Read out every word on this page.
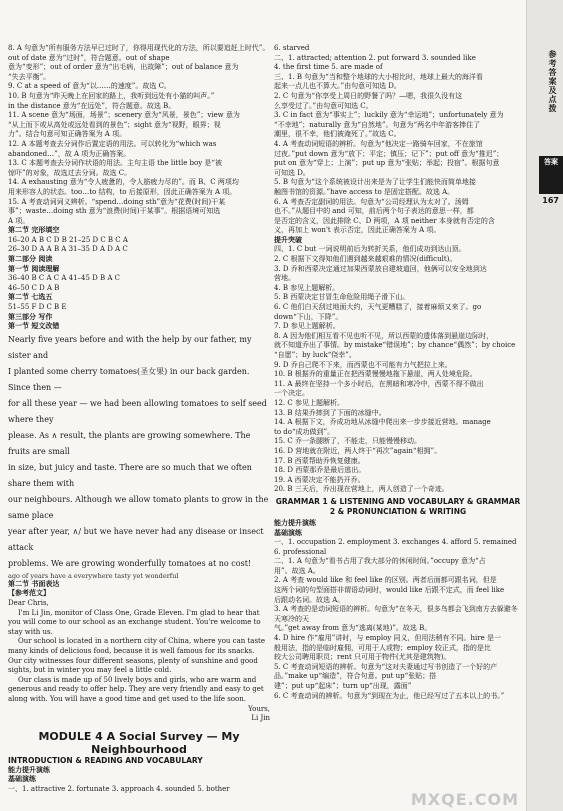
8. A 句意为“所有服务方法早已过时了，你得用现代化的方法，所以要追赶上时代”。out of date 意为“过时”，符合题意。out of shape

意为“变形”；out of order 意为“出毛病，出故障”；out of balance 意为

“失去平衡”。

9. C at a speed of 意为“以……的速度”。故选 C。

10. B 句意为“昨天晚上在回家的路上，我听到远处有小猫的叫声。”

in the distance 意为“在远处”，符合题意。故选 B。

11. A scene 意为“场面，场景”；scenery 意为“风景，景色”；view 意为

“从上而下或从高处或远处看到的景色”；sight 意为“视野，眼界；视

力”。结合句意可知正确答案为 A 项。

12. A 本题考查去分词作后置定语的用法。可以转化为“which was

abandoned…”，故 A 项为正确答案。

13. C 本题考查去分词作状语的用法。主句主语 the little boy 是“被

惊吓”的对象，故选过去分词。故选 C。

14. A exhausting 意为“令人疲惫的，令人筋疲力尽的”。而 B、C 两项均

用来形容人的状态。too…to 结构，to 后接原形，因此正确答案为 A 项。

15. A 考查动词词义辨析。“spend…doing sth”意为“花费(时间)干某

事”；waste…doing sth 意为“浪费(时间)干某事”。根据语境可知选

A 项。

第二节 完形填空

16–20 A B C D B 21–25 D C B C A

26–30 D A A B A 31–35 D A D A C

第二部分 阅读

第一节 阅读理解

36–40 B C A C A 41–45 D B A C

46–50 C D A B

第二节 七选五

51–55 F D C B E

第三部分 写作

第一节 短文改错

Nearly five years before and with the help by our father, my sister and

I planted some cherry tomatoes(圣女果) in our back garden. Since then —

for all these year — we had been allowing tomatoes to self seed where they

please. As ∧ result, the plants are growing somewhere. The fruits are small

in size, but juicy and taste. There are so much that we often share them with

our neighbours. Although we allow tomato plants to grow in the same place

year after year, ∧/ but we have never had any disease or insect attack

problems. We are growing wonderfully tomatoes at no cost!

ago of years have a everywhere tasty yet wonderful

第二节 书面表达

【参考范文】

Dear Chris,

I'm Li Jin, monitor of Class One, Grade Eleven. I'm glad to hear that you will come to our school as an exchange student. You're welcome to stay with us.

Our school is located in a northern city of China, where you can taste many kinds of delicious food, because it is well famous for its snacks. Our city witnesses four different seasons, plenty of sunshine and good sights, but in winter you may feel a little cold.

Our class is made up of 50 lively boys and girls, who are warm and generous and ready to offer help. They are very friendly and easy to get along with. You will have a good time and get used to the life soon.

Yours,
Li Jin
MODULE 4 A Social Survey — My Neighbourhood
INTRODUCTION & READING AND VOCABULARY
能力提升演练
基础演练
一、1. attractive 2. fortunate 3. approach 4. sounded 5. bother

6. starved

二、1. attracted; attention 2. put forward 3. sounded like

4. the first time 5. are made of

三、1. B 句意为“当和整个地球的大小相比时，地球上最大的海洋看

起来一点儿也不算大。”由句意可知选 D。

2. C 句意为“你享受上周日的野餐了吗？—嗯，我很久没有这

么享受过了。”由句意可知选 C。

3. C in fact 意为“事实上”；luckily 意为“幸运地”；unfortunately 意为

“不幸地”；naturally 意为“自然地”。句意为“两名中年游客捧住了

潮里，很不幸，他们被淹死了。”故选 C。

4. A 考查动词短语的辨析。句意为“他决定一路骑车回家，不在旅馆

过夜。”put down 意为“放下；平定；镇压；记下”；put off 意为“推迟”；

put on 意为“穿上；上演”；put up 意为“张贴；举起；投宿”。根据句意

可知选 D。

5. B 句意为“这个系统被设计出来是为了让学生们能快而简单地接

触图书馆的资源。”have access to 是固定搭配。故选 A。

6. A 考查否定副词的用法。句意为“公司经理认为太对了。汤姆

也不。”从题目中的 and 可知，前后两个句子表达的意思一样，都

是否定的含义，因此排除 C、D 两项，A 项 neither 本身就有否定的含

义，再加上 won't 表示否定，因此正确答案为 A 项。

提升突破

四、1. C but 一词说明前后为转折关系，他们成功到达山顶。

2. C 根据下文得知他们遇到越来越艰难的情况(difficult)。

3. D 乔和西蒙决定通过加果西蒙放自建坡道回，他俩可以安全地到达

营地。

4. B 参见上题解析。

5. B 西蒙决定甘冒生命危险用绳子滑下山。

6. C 他们白天刮过地面大约，天气更糟糕了，接着麻烦又来了。go

down“下山，下降”。

7. D 参见上题解析。

8. A 因为他们相互看不见也听不见，所以西蒙的遗体落到悬崖边际时，

就不知道乔出了事情。by mistake“错误地”；by chance“偶然”；by choice

“自愿”；by luck“侥幸”。

9. D 乔自己爬不下来，而西蒙也不可能有力气把拉上来。

10. B 根据乔的重量正在把西蒙慢慢地拖下悬崖，两人处境危险。

11. A 最终在坚持一个多小时后，在黑暗和寒冷中，西蒙不得不做出

一个决定。

12. C 参见上题解析。

13. B 结果乔摔到了下面的冰缝中。

14. A 根据下文，乔成功地从冰缝中爬出来一步步接近营地。manage

to do“成功做到”。

15. C 乔一条腿断了，不能走，只能慢慢移动。

16. D 营地就在附近，两人终于“再次”again“相拥”。

17. B 西蒙帮助乔恢复健康。

18. D 西蒙那乔是最后逃出。

19. A 西蒙决定不能扔开乔。

20. B 三天后，乔出现在营地上，两人创造了一个奇迹。

GRAMMAR 1 & LISTENING AND VOCABULARY & GRAMMAR 2 & PRONUNCIATION & WRITING

能力提升演练

基础演练

一、1. occupation 2. employment 3. exchanges 4. afford 5. remained

6. professional

二、1. A 句意为“看书占用了我大部分的休闲时间。”occupy 意为“占

用”。故选 A。

2. A 考查 would like 和 feel like 的区别。两者后面都可跟名词，但是

这两个词的句型面搭非谓语动词时，would like 后跟不定式，而 feel like

后跟动名词。故选 A。

3. A 考查的是动词短语的辨析。句意为“在冬天，很多鸟都会飞到南方去躲避冬天寒冷的天

气。”get away from 意为“逃离(某地)”。故选 B。

4. D hire 作“雇用”讲时，与 employ 同义，但用法稍有不同。hire 是一

般用法，指的是临时雇佣，可用于人或物；employ 较正式，指的是比

较大公司聘用职员；rent 只可用于物件(尤其是建筑物)。

5. C 考查动词短语的辨析。句意为“这对夫妻通过写书创造了一个好的产品。”make up“编造”，符合句意。put up“张贴；搭

建”；put up“起床”；turn up“出现，露面”

6. C 考查动词的辨析。句意为“到现在为止，他已经写过了五本以上的书。”

参考答案及点拨
答案
167
MXQE.COM
